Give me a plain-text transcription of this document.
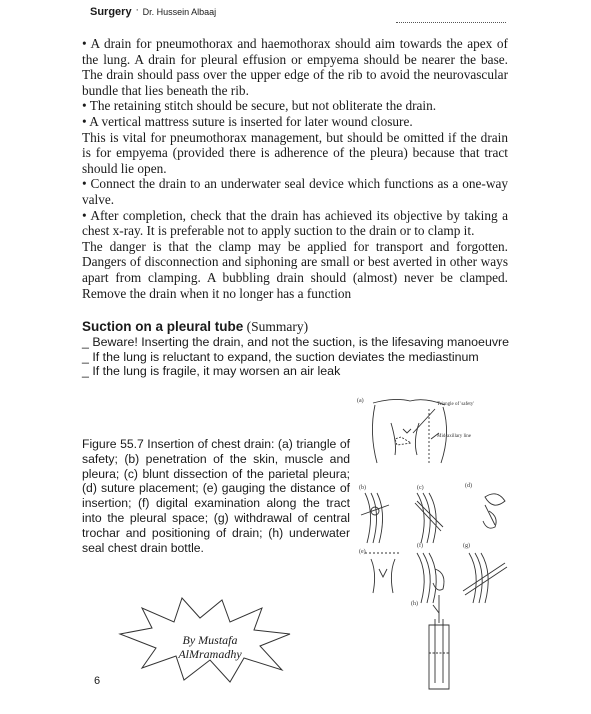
Surgery ' Dr. Hussein Albaaj

• A drain for pneumothorax and haemothorax should aim towards the apex of the lung. A drain for pleural effusion or empyema should be nearer the base. The drain should pass over the upper edge of the rib to avoid the neurovascular bundle that lies beneath the rib.

• The retaining stitch should be secure, but not obliterate the drain.

• A vertical mattress suture is inserted for later wound closure.

This is vital for pneumothorax management, but should be omitted if the drain is for empyema (provided there is adherence of the pleura) because that tract should lie open.

• Connect the drain to an underwater seal device which functions as a one-way valve.

• After completion, check that the drain has achieved its objective by taking a chest x-ray. It is preferable not to apply suction to the drain or to clamp it.

The danger is that the clamp may be applied for transport and forgotten. Dangers of disconnection and siphoning are small or best averted in other ways apart from clamping. A bubbling drain should (almost) never be clamped. Remove the drain when it no longer has a function

Suction on a pleural tube (Summary)
_ Beware! Inserting the drain, and not the suction, is the lifesaving manoeuvre
_ If the lung is reluctant to expand, the suction deviates the mediastinum
_ If the lung is fragile, it may worsen an air leak
Figure 55.7 Insertion of chest drain: (a) triangle of safety; (b) penetration of the skin, muscle and pleura; (c) blunt dissection of the parietal pleura; (d) suture placement; (e) gauging the distance of insertion; (f) digital examination along the tract into the pleural space; (g) withdrawal of central trochar and positioning of drain; (h) underwater seal chest drain bottle.
(a)
Triangle of 'safety'
Mid-axillary line
(b)	(c)	(d)
(e)
(f)	(g)
(h)
By Mustafa
AlMramadhy
6
